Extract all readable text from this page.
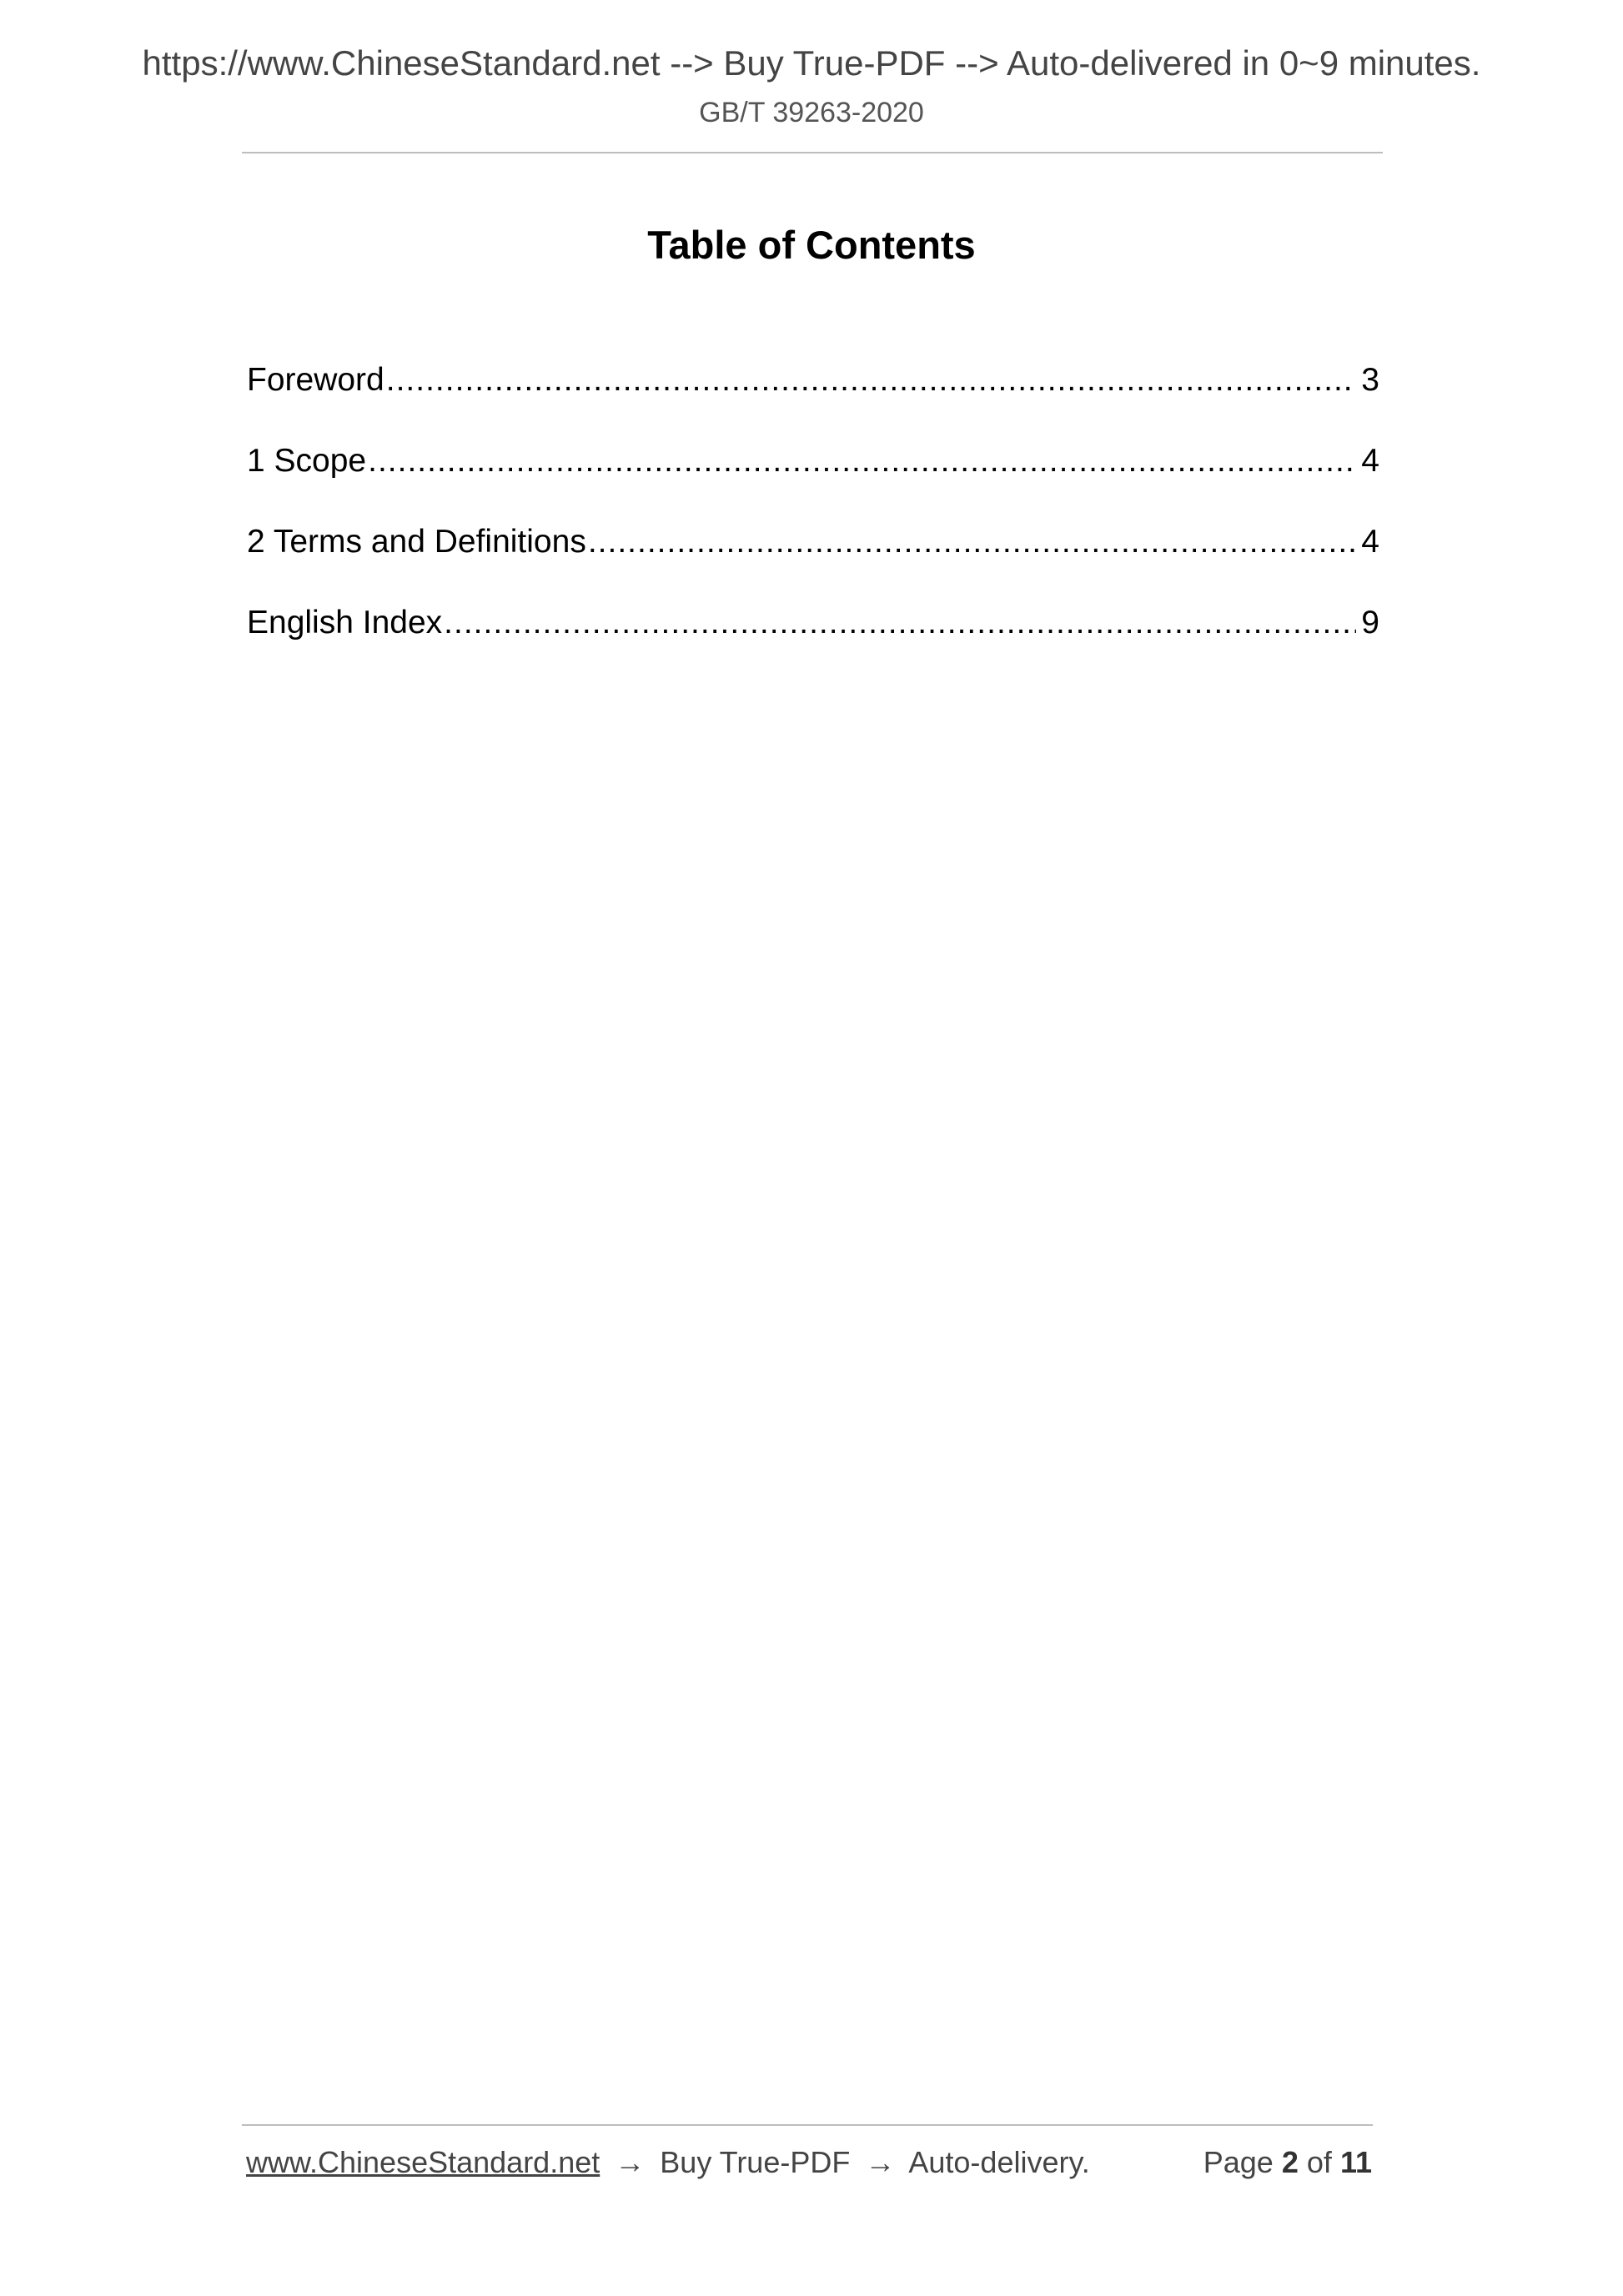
https://www.ChineseStandard.net --> Buy True-PDF --> Auto-delivered in 0~9 minutes.
GB/T 39263-2020
Table of Contents
Foreword .....	3
1 Scope .....	4
2 Terms and Definitions .....	4
English Index .....	9
www.ChineseStandard.net → Buy True-PDF → Auto-delivery.	Page 2 of 11
